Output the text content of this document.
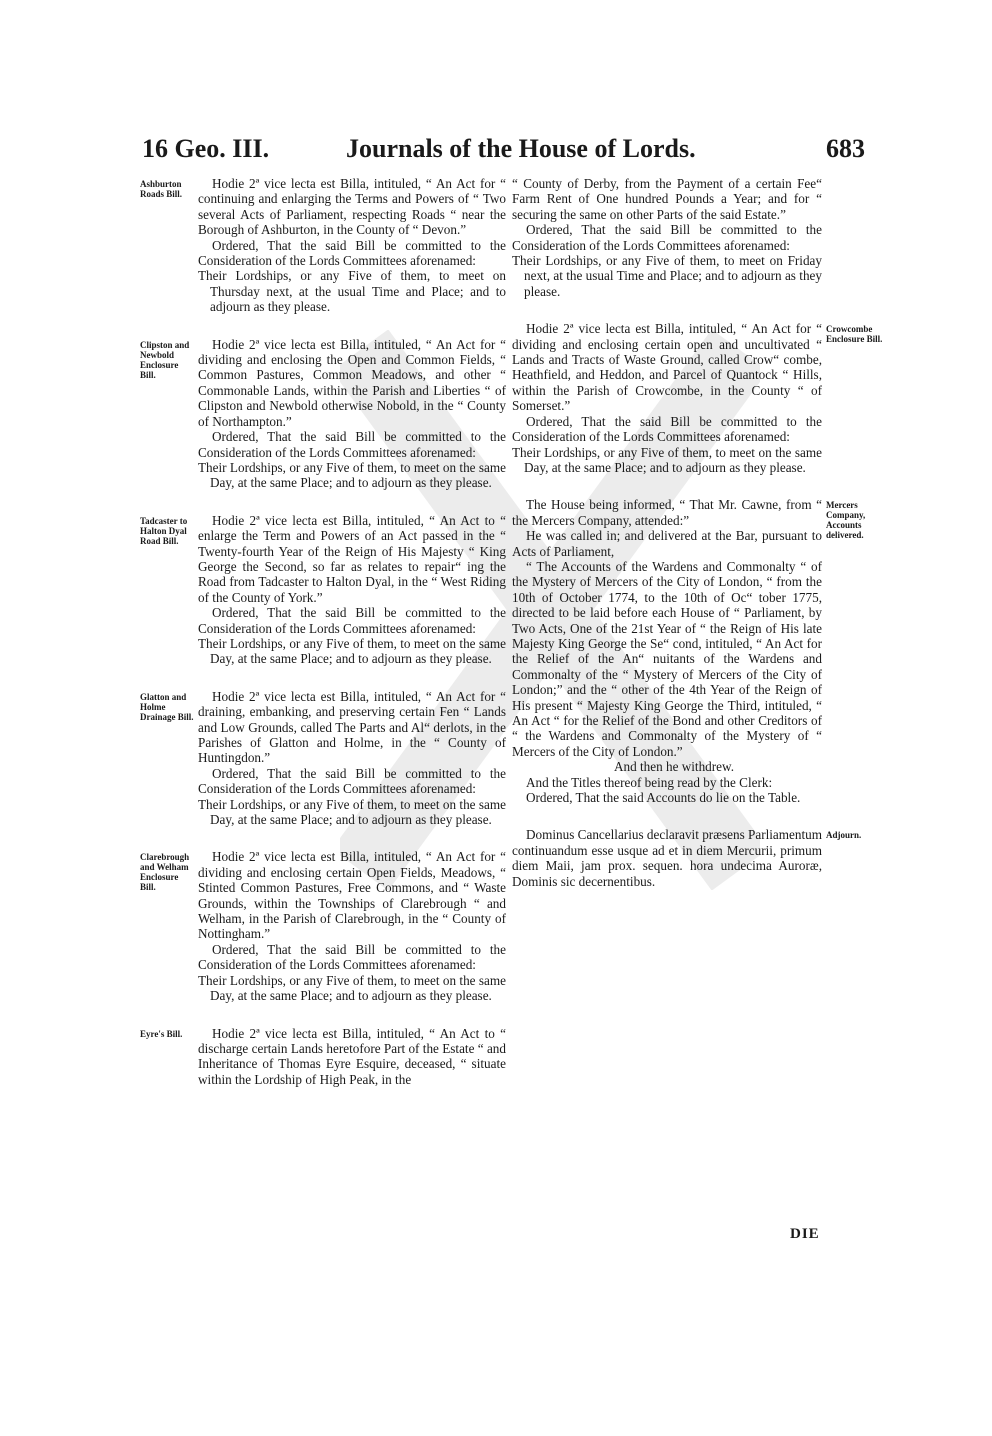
16 Geo. III.	Journals of the House of Lords.	683
Ashburton Roads Bill.

Hodie 2ª vice lecta est Billa, intituled, “ An Act for “ continuing and enlarging the Terms and Powers of “ Two several Acts of Parliament, respecting Roads “ near the Borough of Ashburton, in the County of “ Devon.”

Ordered, That the said Bill be committed to the Consideration of the Lords Committees aforenamed:

Their Lordships, or any Five of them, to meet on Thursday next, at the usual Time and Place; and to adjourn as they please.

Clipston and Newbold Enclosure Bill.

Hodie 2ª vice lecta est Billa, intituled, “ An Act for “ dividing and enclosing the Open and Common Fields, “ Common Pastures, Common Meadows, and other “ Commonable Lands, within the Parish and Liberties “ of Clipston and Newbold otherwise Nobold, in the “ County of Northampton.”

Ordered, That the said Bill be committed to the Consideration of the Lords Committees aforenamed:

Their Lordships, or any Five of them, to meet on the same Day, at the same Place; and to adjourn as they please.

Tadcaster to Halton Dyal Road Bill.

Hodie 2ª vice lecta est Billa, intituled, “ An Act to “ enlarge the Term and Powers of an Act passed in the “ Twenty-fourth Year of the Reign of His Majesty “ King George the Second, so far as relates to repair“ ing the Road from Tadcaster to Halton Dyal, in the “ West Riding of the County of York.”

Ordered, That the said Bill be committed to the Consideration of the Lords Committees aforenamed:

Their Lordships, or any Five of them, to meet on the same Day, at the same Place; and to adjourn as they please.

Glatton and Holme Drainage Bill.

Hodie 2ª vice lecta est Billa, intituled, “ An Act for “ draining, embanking, and preserving certain Fen “ Lands and Low Grounds, called The Parts and Al“ derlots, in the Parishes of Glatton and Holme, in the “ County of Huntingdon.”

Ordered, That the said Bill be committed to the Consideration of the Lords Committees aforenamed:

Their Lordships, or any Five of them, to meet on the same Day, at the same Place; and to adjourn as they please.

Clarebrough and Welham Enclosure Bill.

Hodie 2ª vice lecta est Billa, intituled, “ An Act for “ dividing and enclosing certain Open Fields, Meadows, “ Stinted Common Pastures, Free Commons, and “ Waste Grounds, within the Townships of Clarebrough “ and Welham, in the Parish of Clarebrough, in the “ County of Nottingham.”

Ordered, That the said Bill be committed to the Consideration of the Lords Committees aforenamed:

Their Lordships, or any Five of them, to meet on the same Day, at the same Place; and to adjourn as they please.

Eyre's Bill.	Hodie 2ª vice lecta est Billa, intituled, “ An Act to “ discharge certain Lands heretofore Part of the Estate “ and Inheritance of Thomas Eyre Esquire, deceased, “ situate within the Lordship of High Peak, in the

“ County of Derby, from the Payment of a certain Fee“ Farm Rent of One hundred Pounds a Year; and for “ securing the same on other Parts of the said Estate.”

Ordered, That the said Bill be committed to the Consideration of the Lords Committees aforenamed:

Their Lordships, or any Five of them, to meet on Friday next, at the usual Time and Place; and to adjourn as they please.

Crowcombe Enclosure Bill.

Hodie 2ª vice lecta est Billa, intituled, “ An Act for “ dividing and enclosing certain open and uncultivated “ Lands and Tracts of Waste Ground, called Crow“ combe, Heathfield, and Heddon, and Parcel of Quantock “ Hills, within the Parish of Crowcombe, in the County “ of Somerset.”

Ordered, That the said Bill be committed to the Consideration of the Lords Committees aforenamed:

Their Lordships, or any Five of them, to meet on the same Day, at the same Place; and to adjourn as they please.

Mercers Company, Accounts delivered.

The House being informed, “ That Mr. Cawne, from “ the Mercers Company, attended:”

He was called in; and delivered at the Bar, pursuant to Acts of Parliament,

“ The Accounts of the Wardens and Commonalty “ of the Mystery of Mercers of the City of London, “ from the 10th of October 1774, to the 10th of Oc“ tober 1775, directed to be laid before each House of “ Parliament, by Two Acts, One of the 21st Year of “ the Reign of His late Majesty King George the Se“ cond, intituled, “ An Act for the Relief of the An“ nuitants of the Wardens and Commonalty of the “ Mystery of Mercers of the City of London;” and the “ other of the 4th Year of the Reign of His present “ Majesty King George the Third, intituled, “ An Act “ for the Relief of the Bond and other Creditors of “ the Wardens and Commonalty of the Mystery of “ Mercers of the City of London.”

And then he withdrew.

And the Titles thereof being read by the Clerk:

Ordered, That the said Accounts do lie on the Table.

Adjourn.

Dominus Cancellarius declaravit præsens Parliamentum continuandum esse usque ad et in diem Mercurii, primum diem Maii, jam prox. sequen. hora undecima Auroræ, Dominis sic decernentibus.

DIE
